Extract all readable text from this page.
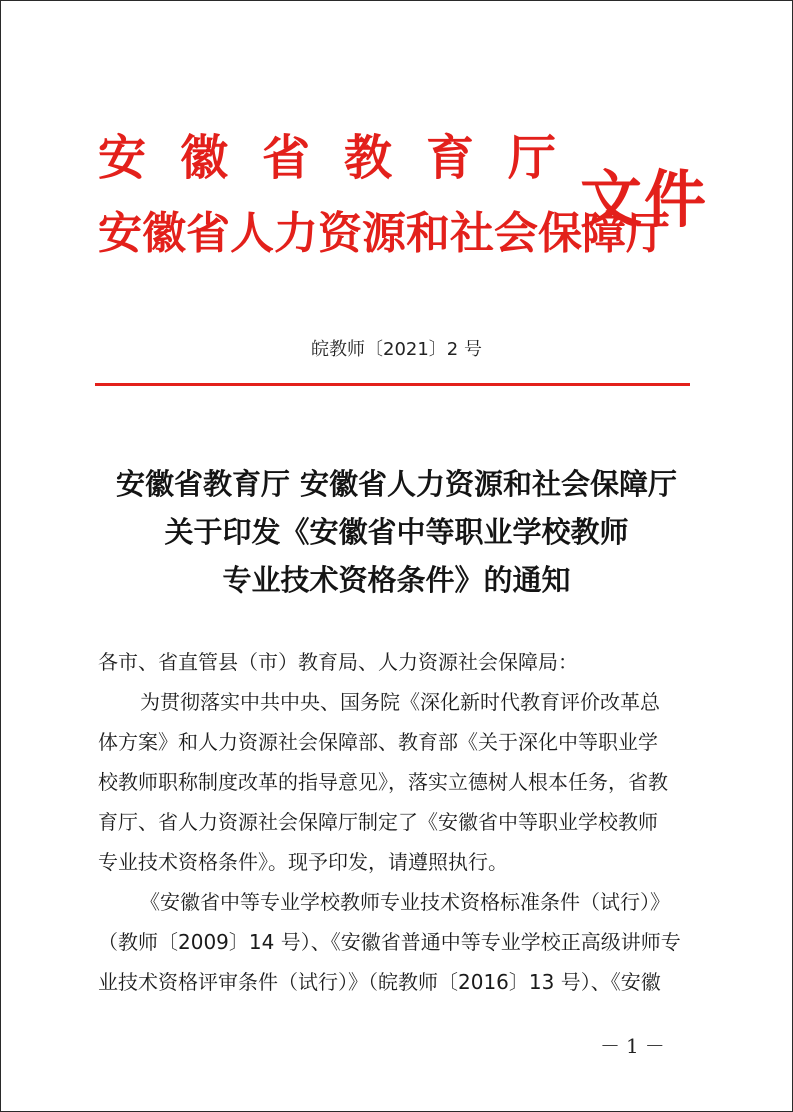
安徽省教育厅
安徽省人力资源和社会保障厅
文件
皖教师〔2021〕2 号
安徽省教育厅 安徽省人力资源和社会保障厅
关于印发《安徽省中等职业学校教师
专业技术资格条件》的通知
各市、省直管县（市）教育局、人力资源社会保障局：
为贯彻落实中共中央、国务院《深化新时代教育评价改革总
体方案》和人力资源社会保障部、教育部《关于深化中等职业学
校教师职称制度改革的指导意见》，落实立德树人根本任务，省教
育厅、省人力资源社会保障厅制定了《安徽省中等职业学校教师
专业技术资格条件》。现予印发，请遵照执行。
《安徽省中等专业学校教师专业技术资格标准条件（试行）》
（教师〔2009〕14 号）、《安徽省普通中等专业学校正高级讲师专
业技术资格评审条件（试行）》（皖教师〔2016〕13 号）、《安徽
－1－
